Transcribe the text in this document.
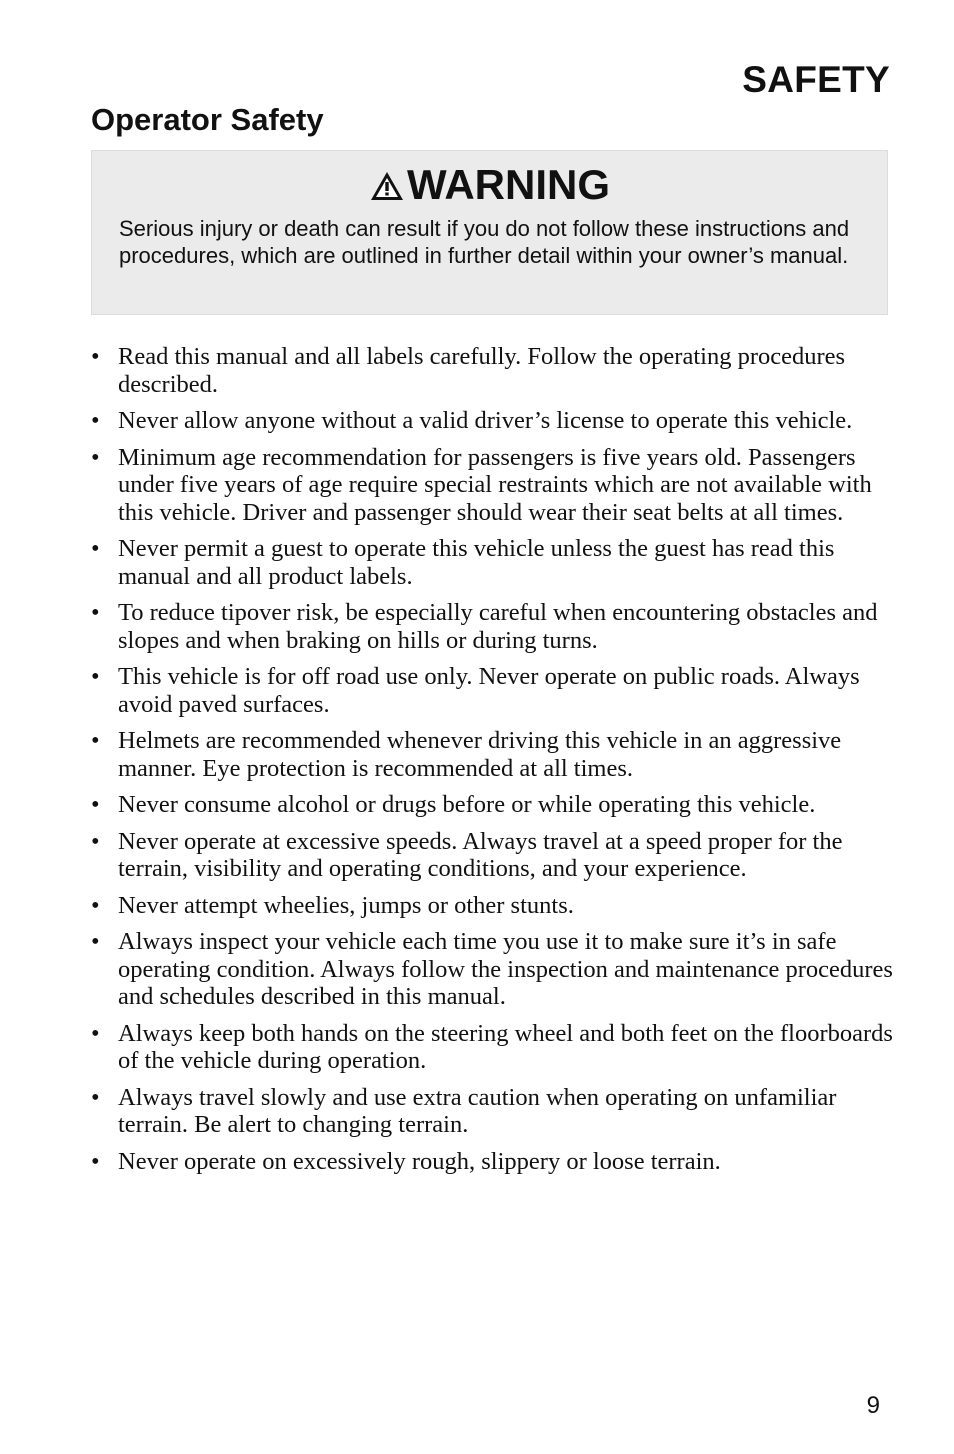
SAFETY
Operator Safety
WARNING

Serious injury or death can result if you do not follow these instructions and procedures, which are outlined in further detail within your owner’s manual.

• Read this manual and all labels carefully. Follow the operating procedures described.
• Never allow anyone without a valid driver’s license to operate this vehicle.
• Minimum age recommendation for passengers is five years old. Passengers under five years of age require special restraints which are not available with this vehicle. Driver and passenger should wear their seat belts at all times.
• Never permit a guest to operate this vehicle unless the guest has read this manual and all product labels.
• To reduce tipover risk, be especially careful when encountering obstacles and slopes and when braking on hills or during turns.
• This vehicle is for off road use only. Never operate on public roads. Always avoid paved surfaces.
• Helmets are recommended whenever driving this vehicle in an aggressive manner. Eye protection is recommended at all times.
• Never consume alcohol or drugs before or while operating this vehicle.
• Never operate at excessive speeds. Always travel at a speed proper for the terrain, visibility and operating conditions, and your experience.
• Never attempt wheelies, jumps or other stunts.
• Always inspect your vehicle each time you use it to make sure it’s in safe operating condition. Always follow the inspection and maintenance procedures and schedules described in this manual.
• Always keep both hands on the steering wheel and both feet on the floorboards of the vehicle during operation.
• Always travel slowly and use extra caution when operating on unfamiliar terrain. Be alert to changing terrain.
• Never operate on excessively rough, slippery or loose terrain.

9
